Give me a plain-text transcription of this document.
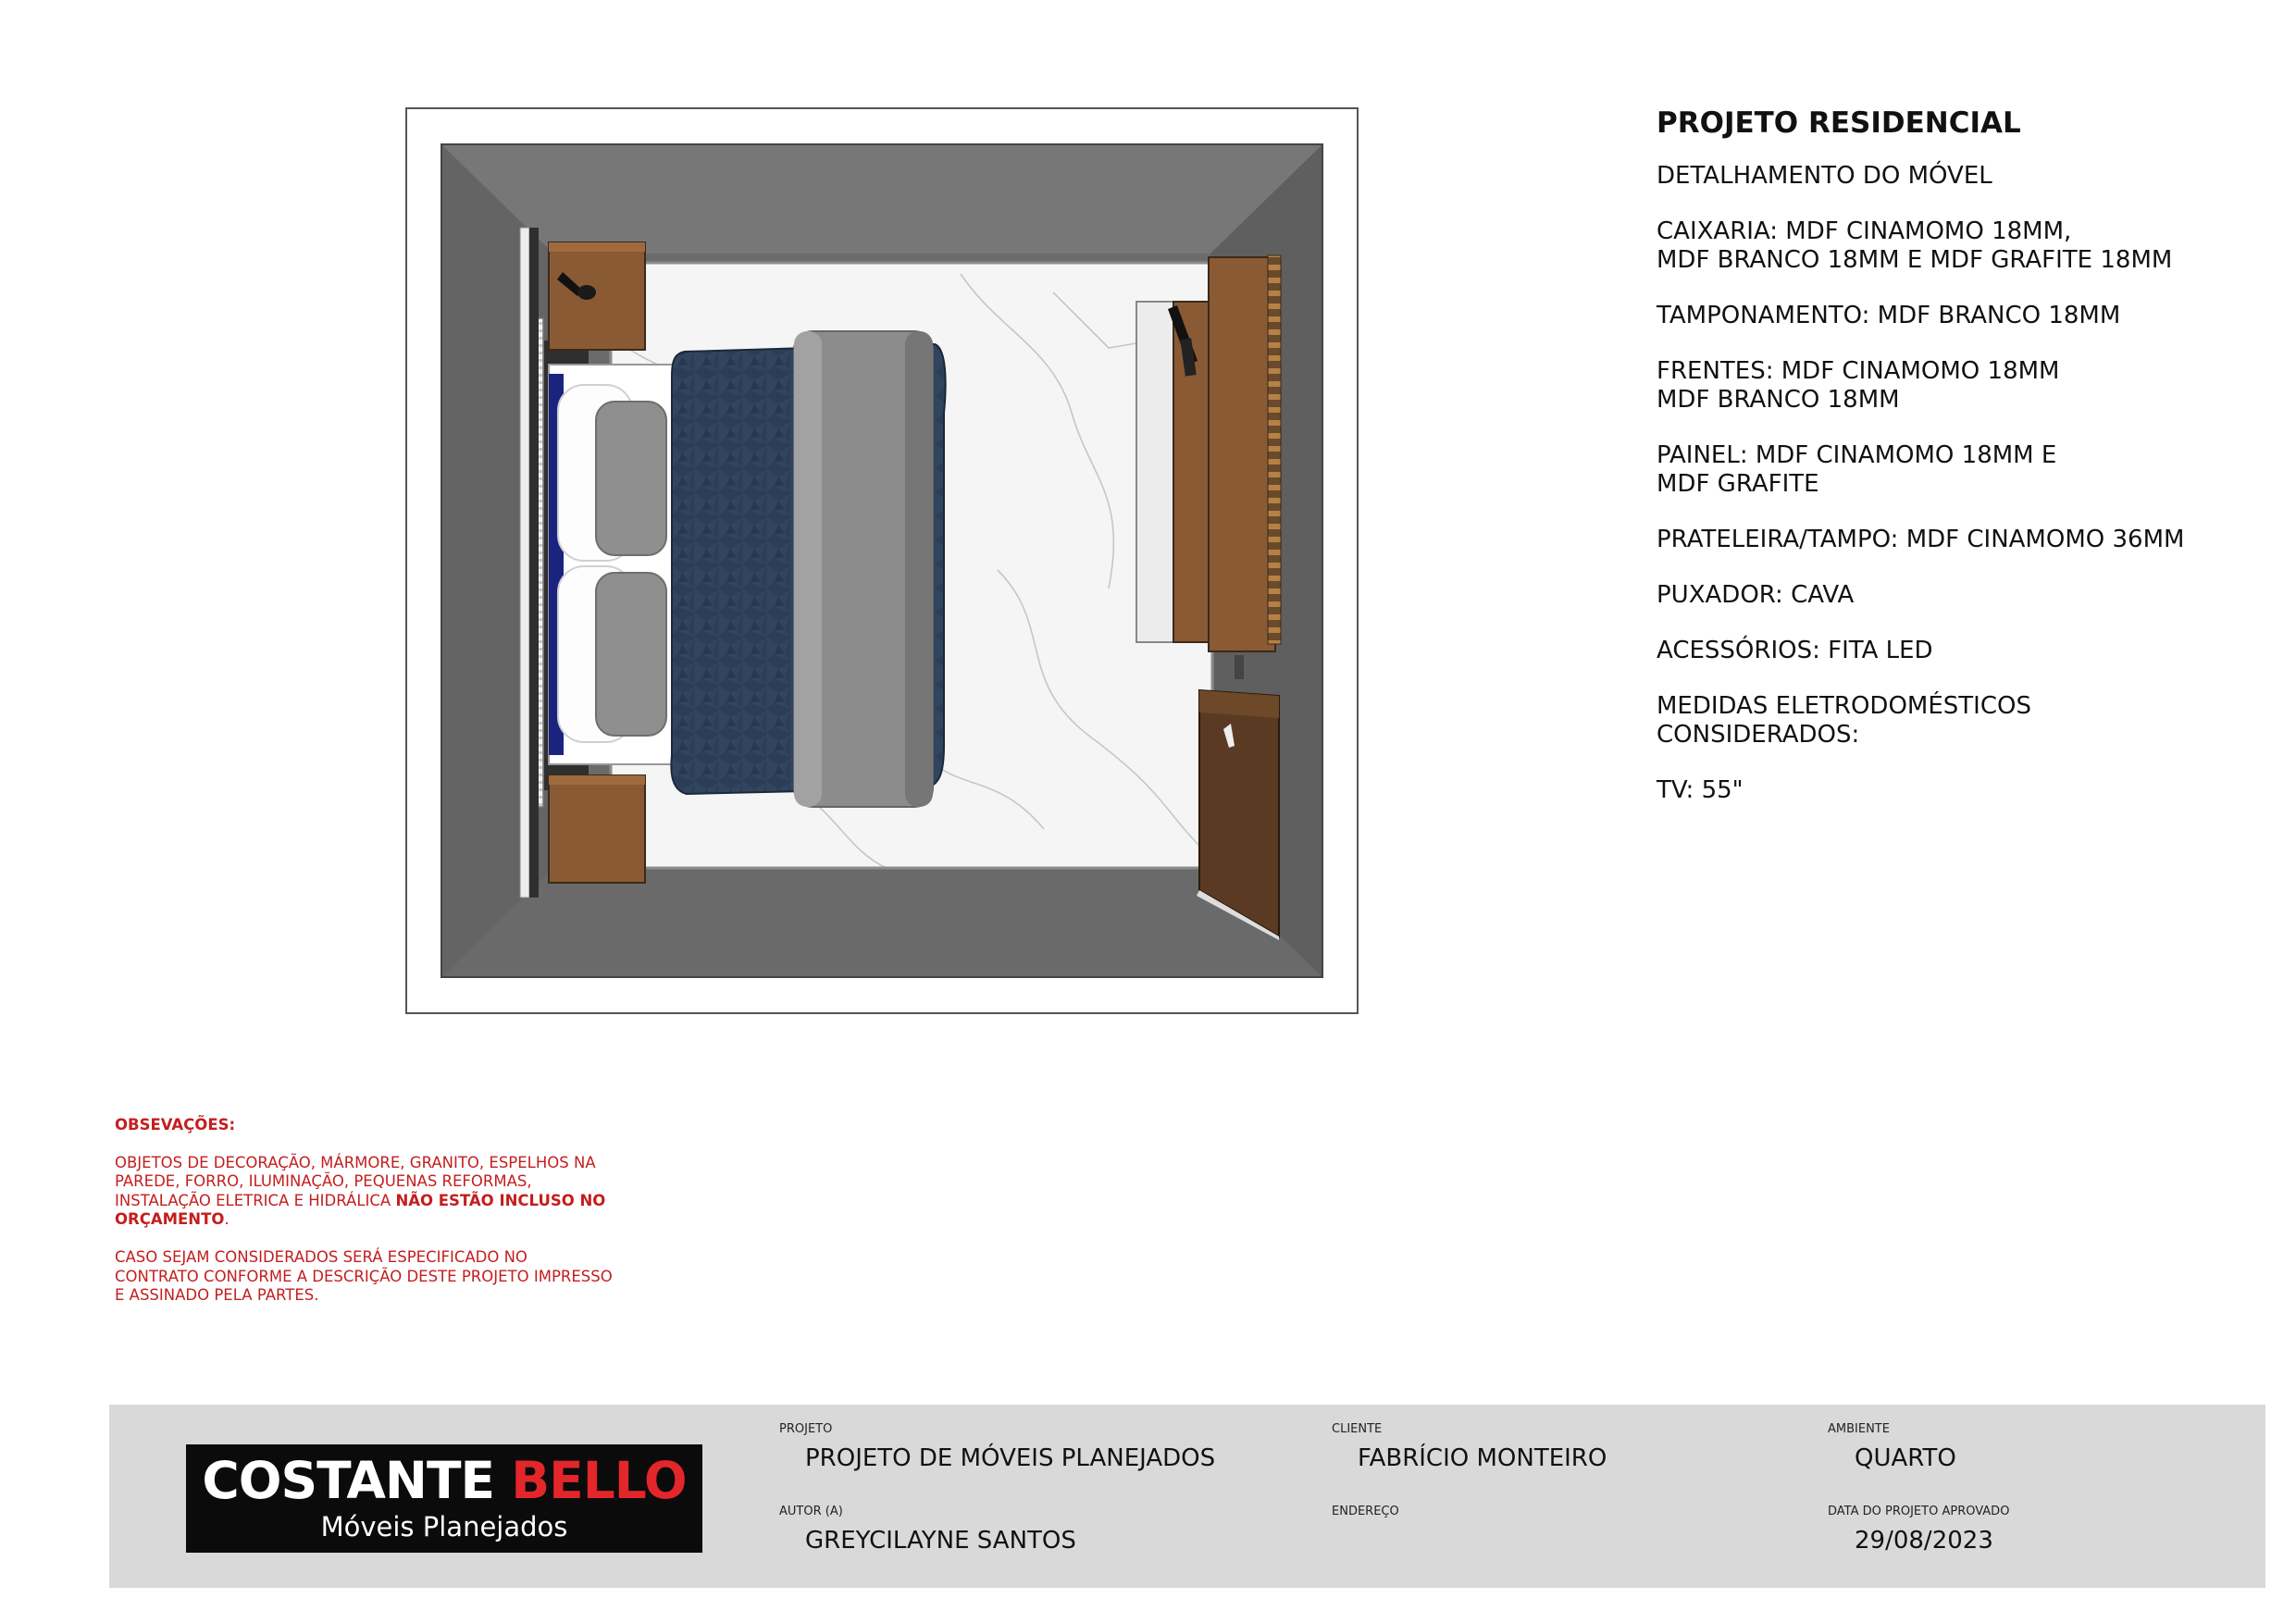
PROJETO RESIDENCIAL
DETALHAMENTO DO MÓVEL
CAIXARIA: MDF CINAMOMO 18MM,
MDF BRANCO 18MM E MDF GRAFITE 18MM
TAMPONAMENTO: MDF BRANCO 18MM
FRENTES: MDF CINAMOMO 18MM
MDF BRANCO 18MM
PAINEL: MDF CINAMOMO 18MM E
MDF GRAFITE
PRATELEIRA/TAMPO: MDF CINAMOMO 36MM
PUXADOR: CAVA
ACESSÓRIOS: FITA LED
MEDIDAS ELETRODOMÉSTICOS
CONSIDERADOS:
TV: 55"
OBSEVAÇÕES:
OBJETOS DE DECORAÇÃO, MÁRMORE, GRANITO, ESPELHOS NA
PAREDE, FORRO, ILUMINAÇÃO, PEQUENAS REFORMAS,
INSTALAÇÃO ELETRICA E HIDRÁLICA NÃO ESTÃO INCLUSO NO
ORÇAMENTO.
CASO SEJAM CONSIDERADOS SERÁ ESPECIFICADO NO
CONTRATO CONFORME A DESCRIÇÃO DESTE PROJETO IMPRESSO
E ASSINADO PELA PARTES.
COSTANTE BELLO
Móveis Planejados
PROJETO
PROJETO DE MÓVEIS PLANEJADOS
CLIENTE
FABRÍCIO MONTEIRO
AMBIENTE
QUARTO
AUTOR (A)
GREYCILAYNE SANTOS
ENDEREÇO	DATA DO PROJETO APROVADO
29/08/2023
